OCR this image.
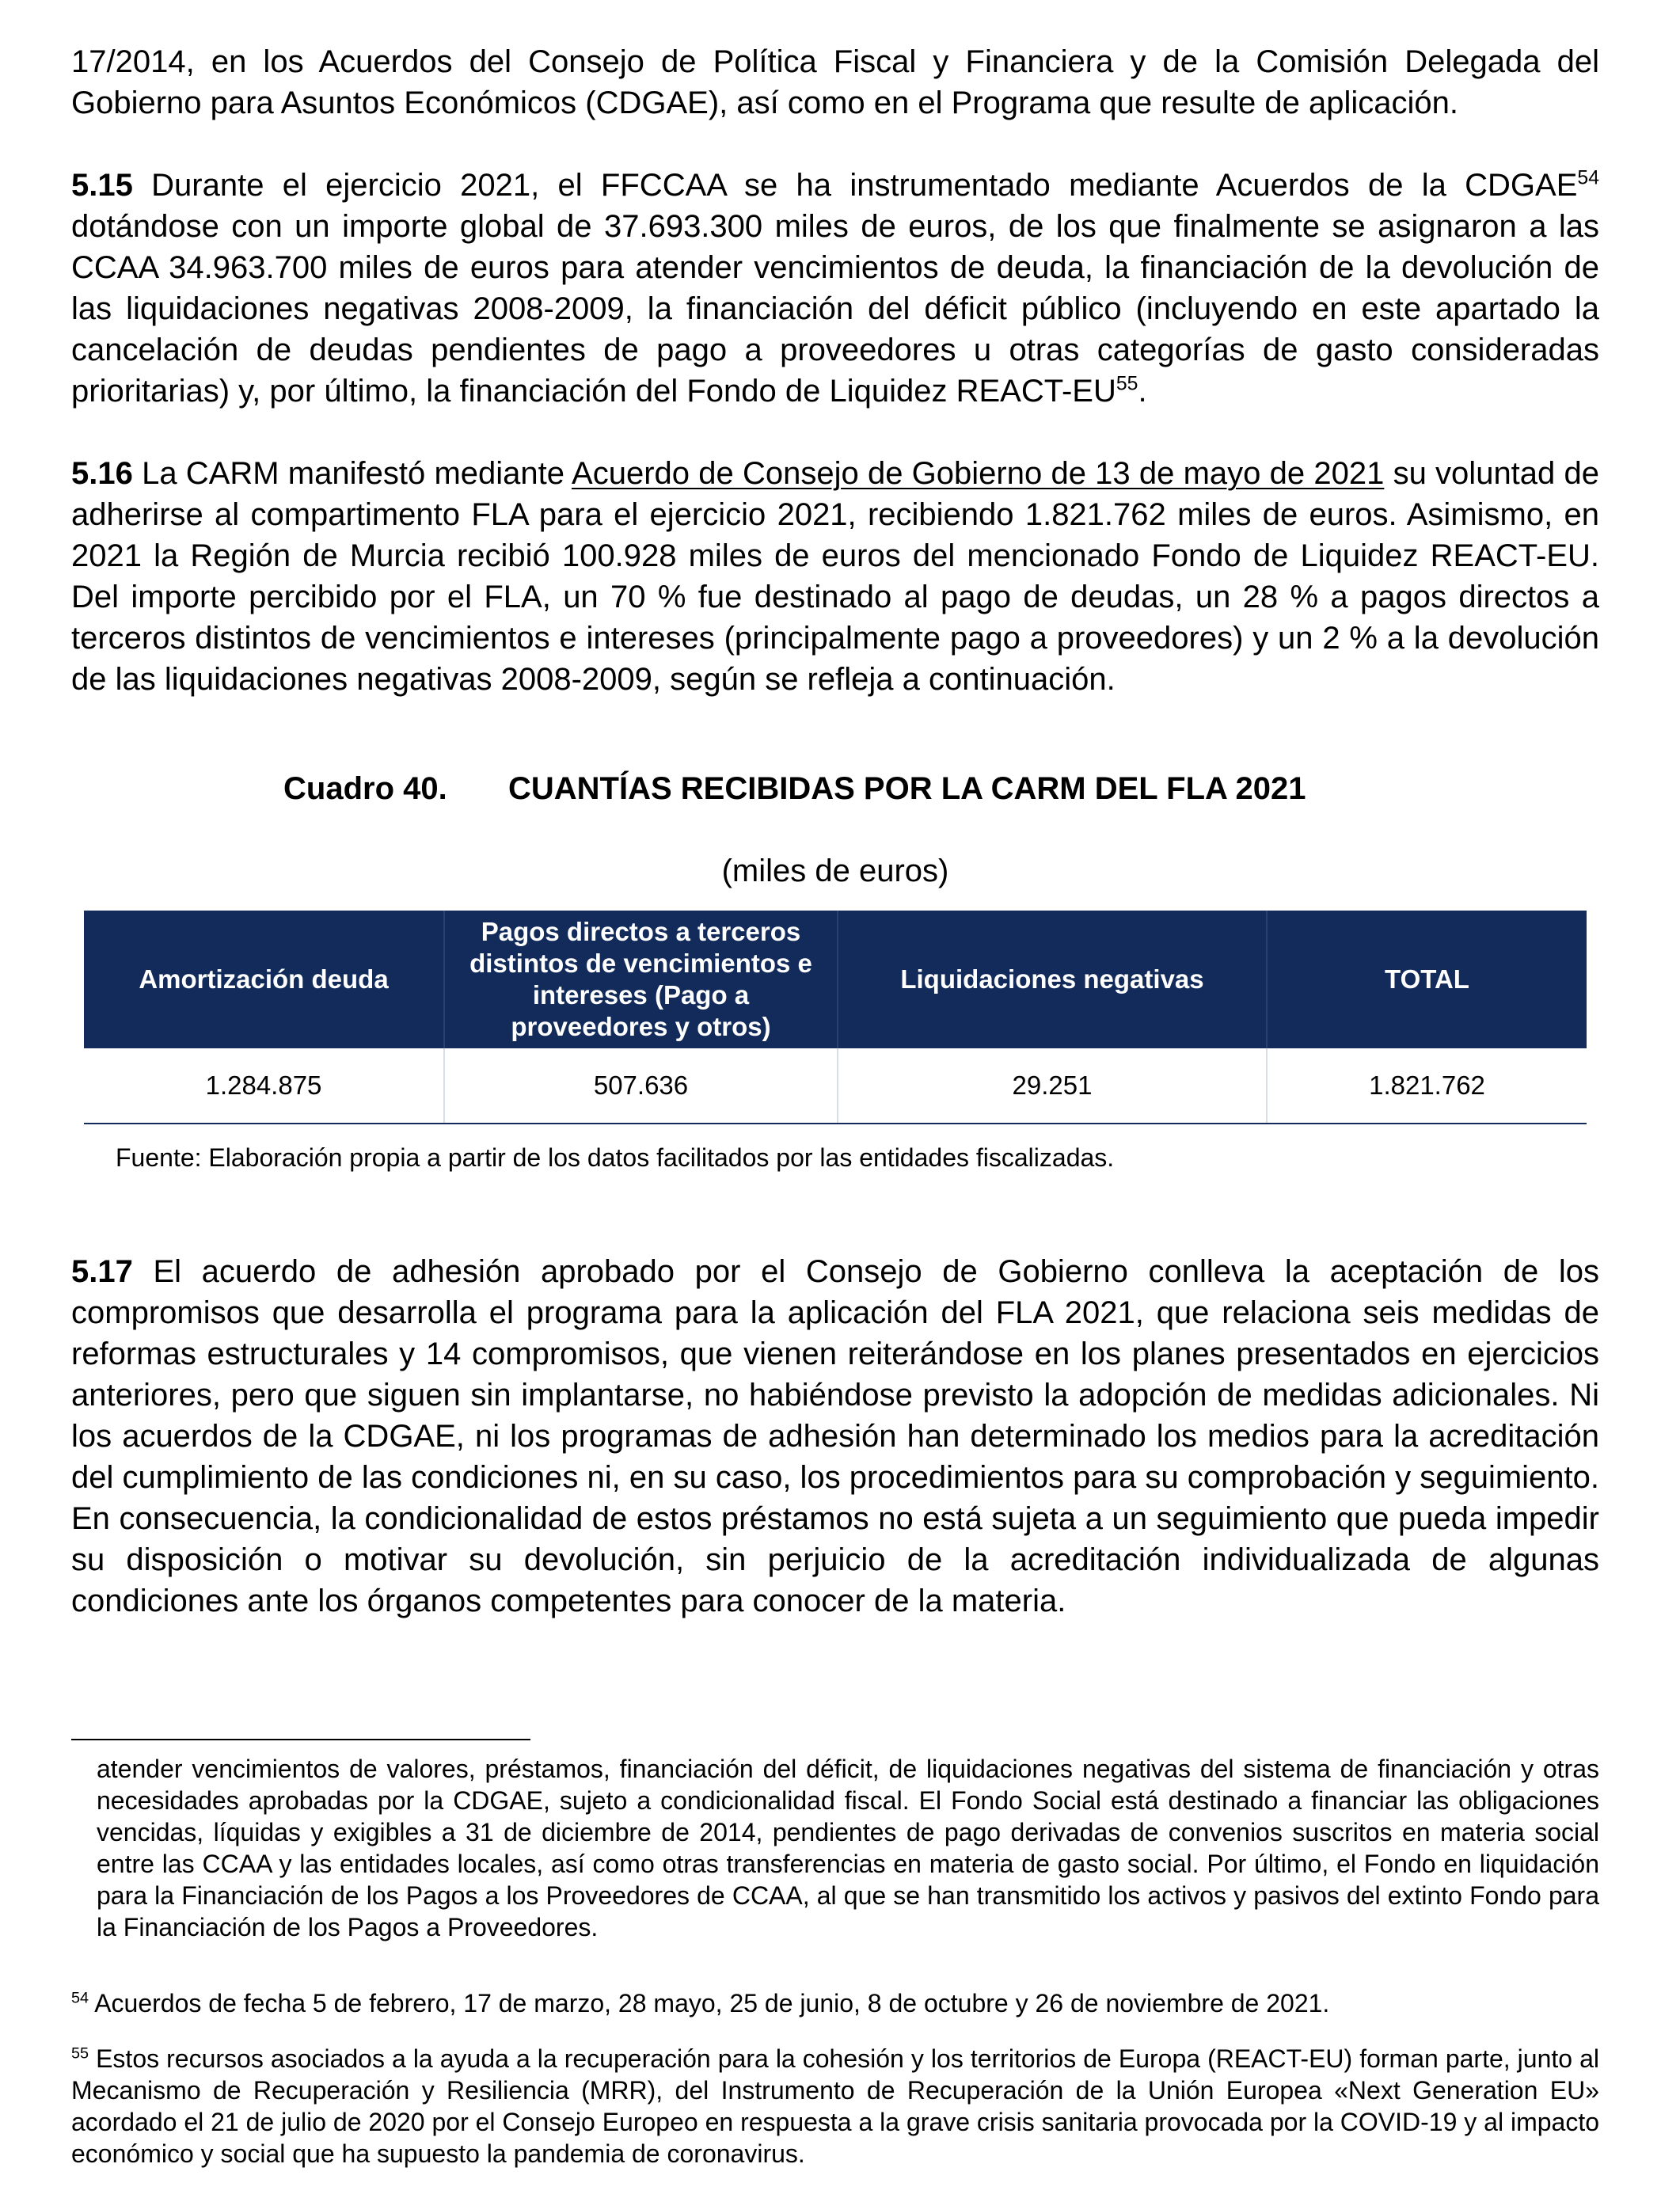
17/2014, en los Acuerdos del Consejo de Política Fiscal y Financiera y de la Comisión Delegada del Gobierno para Asuntos Económicos (CDGAE), así como en el Programa que resulte de aplicación.

5.15 Durante el ejercicio 2021, el FFCCAA se ha instrumentado mediante Acuerdos de la CDGAE$^{54}$ dotándose con un importe global de 37.693.300 miles de euros, de los que finalmente se asignaron a las CCAA 34.963.700 miles de euros para atender vencimientos de deuda, la financiación de la devolución de las liquidaciones negativas 2008-2009, la financiación del déficit público (incluyendo en este apartado la cancelación de deudas pendientes de pago a proveedores u otras categorías de gasto consideradas prioritarias) y, por último, la financiación del Fondo de Liquidez REACT-EU$^{55}$.

5.16 La CARM manifestó mediante Acuerdo de Consejo de Gobierno de 13 de mayo de 2021 su voluntad de adherirse al compartimento FLA para el ejercicio 2021, recibiendo 1.821.762 miles de euros. Asimismo, en 2021 la Región de Murcia recibió 100.928 miles de euros del mencionado Fondo de Liquidez REACT-EU. Del importe percibido por el FLA, un 70 % fue destinado al pago de deudas, un 28 % a pagos directos a terceros distintos de vencimientos e intereses (principalmente pago a proveedores) y un 2 % a la devolución de las liquidaciones negativas 2008-2009, según se refleja a continuación.

Cuadro 40. CUANTÍAS RECIBIDAS POR LA CARM DEL FLA 2021
(miles de euros)
Amortización deuda	Pagos directos a terceros distintos de vencimientos e intereses (Pago a proveedores y otros)	Liquidaciones negativas	TOTAL
1.284.875	507.636	29.251	1.821.762
Fuente: Elaboración propia a partir de los datos facilitados por las entidades fiscalizadas.

5.17 El acuerdo de adhesión aprobado por el Consejo de Gobierno conlleva la aceptación de los compromisos que desarrolla el programa para la aplicación del FLA 2021, que relaciona seis medidas de reformas estructurales y 14 compromisos, que vienen reiterándose en los planes presentados en ejercicios anteriores, pero que siguen sin implantarse, no habiéndose previsto la adopción de medidas adicionales. Ni los acuerdos de la CDGAE, ni los programas de adhesión han determinado los medios para la acreditación del cumplimiento de las condiciones ni, en su caso, los procedimientos para su comprobación y seguimiento. En consecuencia, la condicionalidad de estos préstamos no está sujeta a un seguimiento que pueda impedir su disposición o motivar su devolución, sin perjuicio de la acreditación individualizada de algunas condiciones ante los órganos competentes para conocer de la materia.

atender vencimientos de valores, préstamos, financiación del déficit, de liquidaciones negativas del sistema de financiación y otras necesidades aprobadas por la CDGAE, sujeto a condicionalidad fiscal. El Fondo Social está destinado a financiar las obligaciones vencidas, líquidas y exigibles a 31 de diciembre de 2014, pendientes de pago derivadas de convenios suscritos en materia social entre las CCAA y las entidades locales, así como otras transferencias en materia de gasto social. Por último, el Fondo en liquidación para la Financiación de los Pagos a los Proveedores de CCAA, al que se han transmitido los activos y pasivos del extinto Fondo para la Financiación de los Pagos a Proveedores.

$^{54}$ Acuerdos de fecha 5 de febrero, 17 de marzo, 28 mayo, 25 de junio, 8 de octubre y 26 de noviembre de 2021.

$^{55}$ Estos recursos asociados a la ayuda a la recuperación para la cohesión y los territorios de Europa (REACT-EU) forman parte, junto al Mecanismo de Recuperación y Resiliencia (MRR), del Instrumento de Recuperación de la Unión Europea «Next Generation EU» acordado el 21 de julio de 2020 por el Consejo Europeo en respuesta a la grave crisis sanitaria provocada por la COVID-19 y al impacto económico y social que ha supuesto la pandemia de coronavirus.
